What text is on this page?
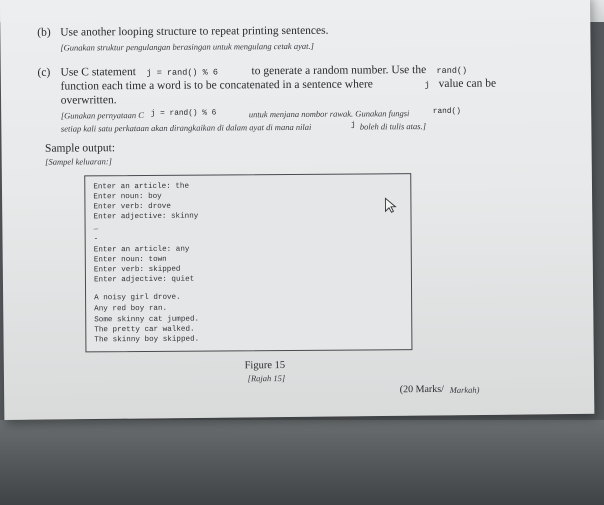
(b) Use another looping structure to repeat printing sentences.
[Gunakan struktur pengulangan berasingan untuk mengulang cetak ayat.]
(c) Use C statement j = rand() % 6	to generate a random number. Use the rand()
function each time a word is to be concatenated in a sentence where	j value can be
overwritten.
[Gunakan pernyataan C j = rand() % 6	untuk menjana nombor rawak. Gunakan fungsi	rand()
setiap kali satu perkataan akan dirangkaikan di dalam ayat di mana nilai	j boleh di tulis atas.]
Sample output:
[Sampel keluaran:]
Enter an article: the
Enter noun: boy
Enter verb: drove
Enter adjective: skinny
_
-
Enter an article: any
Enter noun: town
Enter verb: skipped
Enter adjective: quiet
A noisy girl drove.
Any red boy ran.
Some skinny cat jumped.
The pretty car walked.
The skinny boy skipped.
Figure 15
[Rajah 15]
(20 Marks/ Markah)
